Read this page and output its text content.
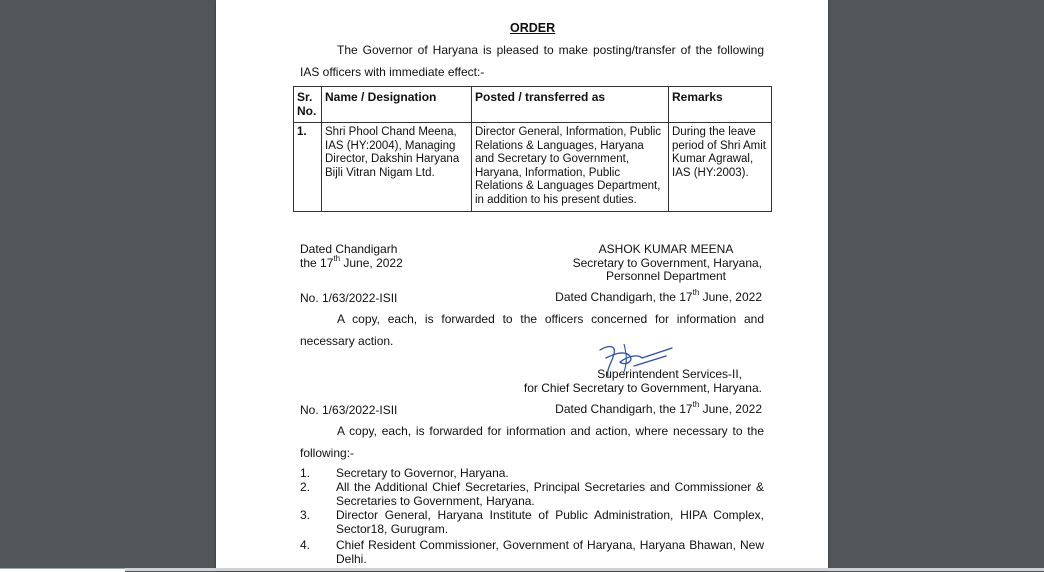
ORDER
The Governor of Haryana is pleased to make posting/transfer of the following
IAS officers with immediate effect:-
Sr. No.	Name / Designation	Posted / transferred as	Remarks
1.	Shri Phool Chand Meena, IAS (HY:2004), Managing Director, Dakshin Haryana Bijli Vitran Nigam Ltd.	Director General, Information, Public Relations & Languages, Haryana and Secretary to Government, Haryana, Information, Public Relations & Languages Department, in addition to his present duties.	During the leave period of Shri Amit Kumar Agrawal, IAS (HY:2003).
Dated Chandigarh
the 17th June, 2022
ASHOK KUMAR MEENA
Secretary to Government, Haryana,
Personnel Department
No. 1/63/2022-ISII	Dated Chandigarh, the 17th June, 2022
A copy, each, is forwarded to the officers concerned for information and
necessary action.
Superintendent Services-II,
for Chief Secretary to Government, Haryana.
No. 1/63/2022-ISII	Dated Chandigarh, the 17th June, 2022
A copy, each, is forwarded for information and action, where necessary to the
following:-
1. Secretary to Governor, Haryana.
2. All the Additional Chief Secretaries, Principal Secretaries and Commissioner &
Secretaries to Government, Haryana.
3. Director General, Haryana Institute of Public Administration, HIPA Complex,
Sector18, Gurugram.
4. Chief Resident Commissioner, Government of Haryana, Haryana Bhawan, New
Delhi.
